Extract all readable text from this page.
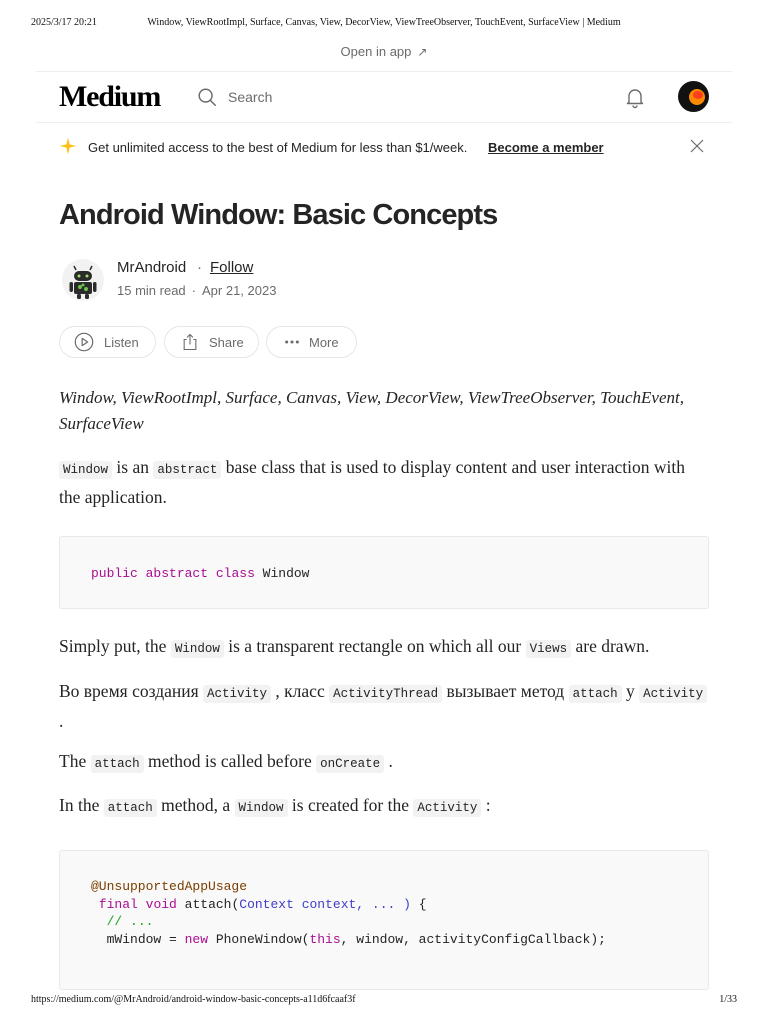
2025/3/17 20:21	Window, ViewRootImpl, Surface, Canvas, View, DecorView, ViewTreeObserver, TouchEvent, SurfaceView | Medium
https://medium.com/@MrAndroid/android-window-basic-concepts-a11d6fcaaf3f	1/33
Open in app ↗
Medium
Search
Get unlimited access to the best of Medium for less than $1/week. Become a member
Android Window: Basic Concepts
MrAndroid · Follow
15 min read · Apr 21, 2023
Listen	Share	More
Window, ViewRootImpl, Surface, Canvas, View, DecorView, ViewTreeObserver, TouchEvent, SurfaceView
Window is an abstract base class that is used to display content and user interaction with the application.
public abstract class Window
Simply put, the Window is a transparent rectangle on which all our Views are drawn.
Во время создания Activity , класс ActivityThread вызывает метод attach у Activity .
The attach method is called before onCreate .
In the attach method, a Window is created for the Activity :
@UnsupportedAppUsage
final void attach(Context context, ... ) {
// ...
mWindow = new PhoneWindow(this, window, activityConfigCallback);
